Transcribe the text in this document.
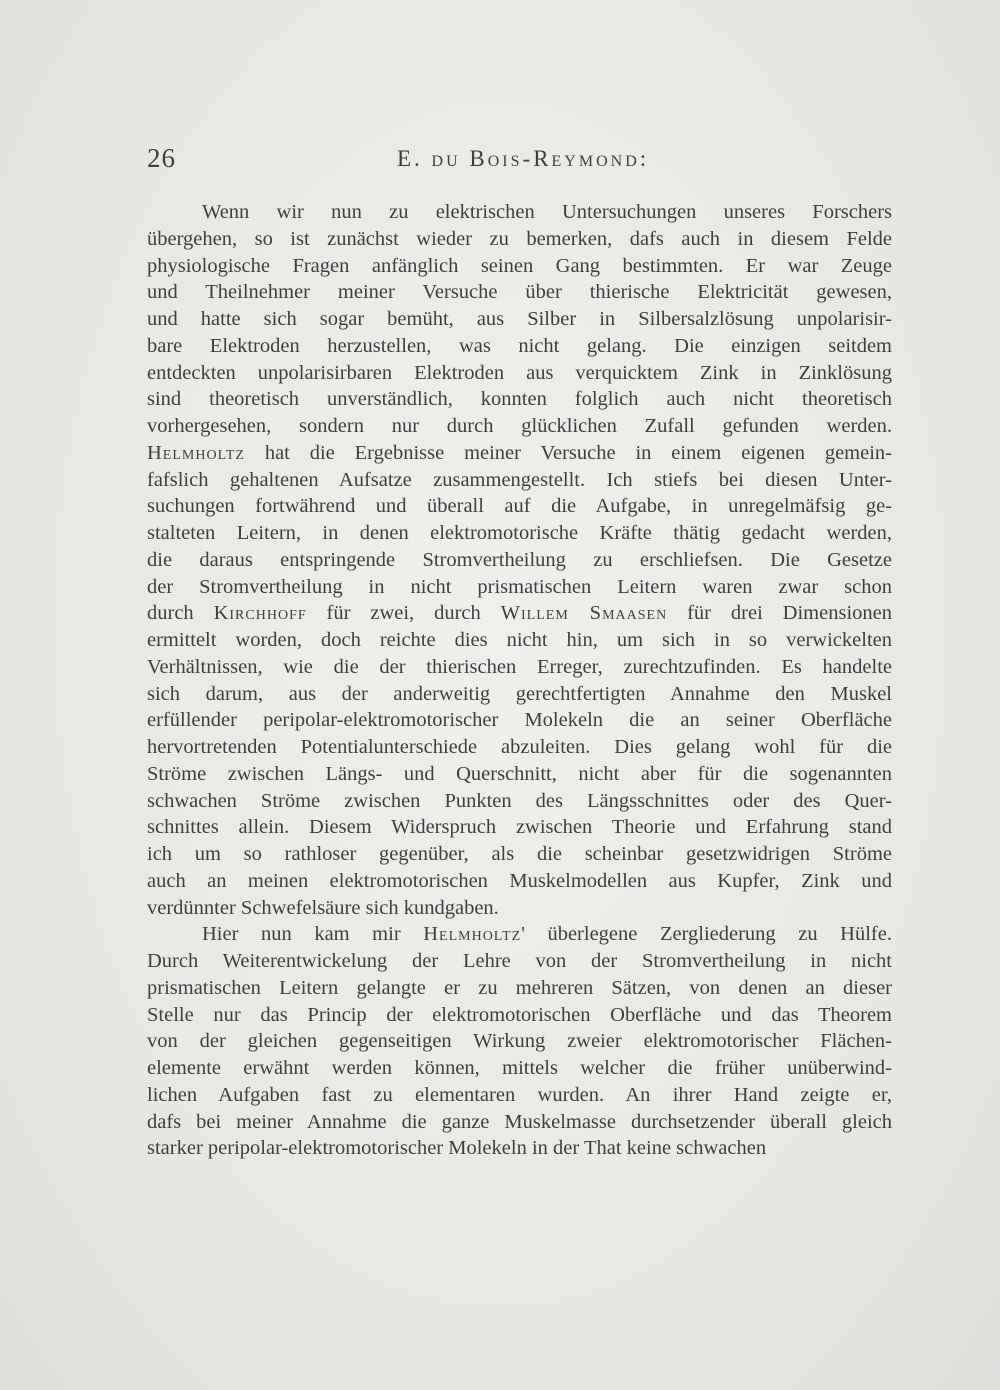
26	E. du Bois-Reymond:
Wenn wir nun zu elektrischen Untersuchungen unseres Forschers
übergehen, so ist zunächst wieder zu bemerken, dafs auch in diesem Felde
physiologische Fragen anfänglich seinen Gang bestimmten. Er war Zeuge
und Theilnehmer meiner Versuche über thierische Elektricität gewesen,
und hatte sich sogar bemüht, aus Silber in Silbersalzlösung unpolarisir-
bare Elektroden herzustellen, was nicht gelang. Die einzigen seitdem
entdeckten unpolarisirbaren Elektroden aus verquicktem Zink in Zinklösung
sind theoretisch unverständlich, konnten folglich auch nicht theoretisch
vorhergesehen, sondern nur durch glücklichen Zufall gefunden werden.
Helmholtz hat die Ergebnisse meiner Versuche in einem eigenen gemein-
fafslich gehaltenen Aufsatze zusammengestellt. Ich stiefs bei diesen Unter-
suchungen fortwährend und überall auf die Aufgabe, in unregelmäfsig ge-
stalteten Leitern, in denen elektromotorische Kräfte thätig gedacht werden,
die daraus entspringende Stromvertheilung zu erschliefsen. Die Gesetze
der Stromvertheilung in nicht prismatischen Leitern waren zwar schon
durch Kirchhoff für zwei, durch Willem Smaasen für drei Dimensionen
ermittelt worden, doch reichte dies nicht hin, um sich in so verwickelten
Verhältnissen, wie die der thierischen Erreger, zurechtzufinden. Es handelte
sich darum, aus der anderweitig gerechtfertigten Annahme den Muskel
erfüllender peripolar-elektromotorischer Molekeln die an seiner Oberfläche
hervortretenden Potentialunterschiede abzuleiten. Dies gelang wohl für die
Ströme zwischen Längs- und Querschnitt, nicht aber für die sogenannten
schwachen Ströme zwischen Punkten des Längsschnittes oder des Quer-
schnittes allein. Diesem Widerspruch zwischen Theorie und Erfahrung stand
ich um so rathloser gegenüber, als die scheinbar gesetzwidrigen Ströme
auch an meinen elektromotorischen Muskelmodellen aus Kupfer, Zink und
verdünnter Schwefelsäure sich kundgaben.
Hier nun kam mir Helmholtz' überlegene Zergliederung zu Hülfe.
Durch Weiterentwickelung der Lehre von der Stromvertheilung in nicht
prismatischen Leitern gelangte er zu mehreren Sätzen, von denen an dieser
Stelle nur das Princip der elektromotorischen Oberfläche und das Theorem
von der gleichen gegenseitigen Wirkung zweier elektromotorischer Flächen-
elemente erwähnt werden können, mittels welcher die früher unüberwind-
lichen Aufgaben fast zu elementaren wurden. An ihrer Hand zeigte er,
dafs bei meiner Annahme die ganze Muskelmasse durchsetzender überall gleich
starker peripolar-elektromotorischer Molekeln in der That keine schwachen
